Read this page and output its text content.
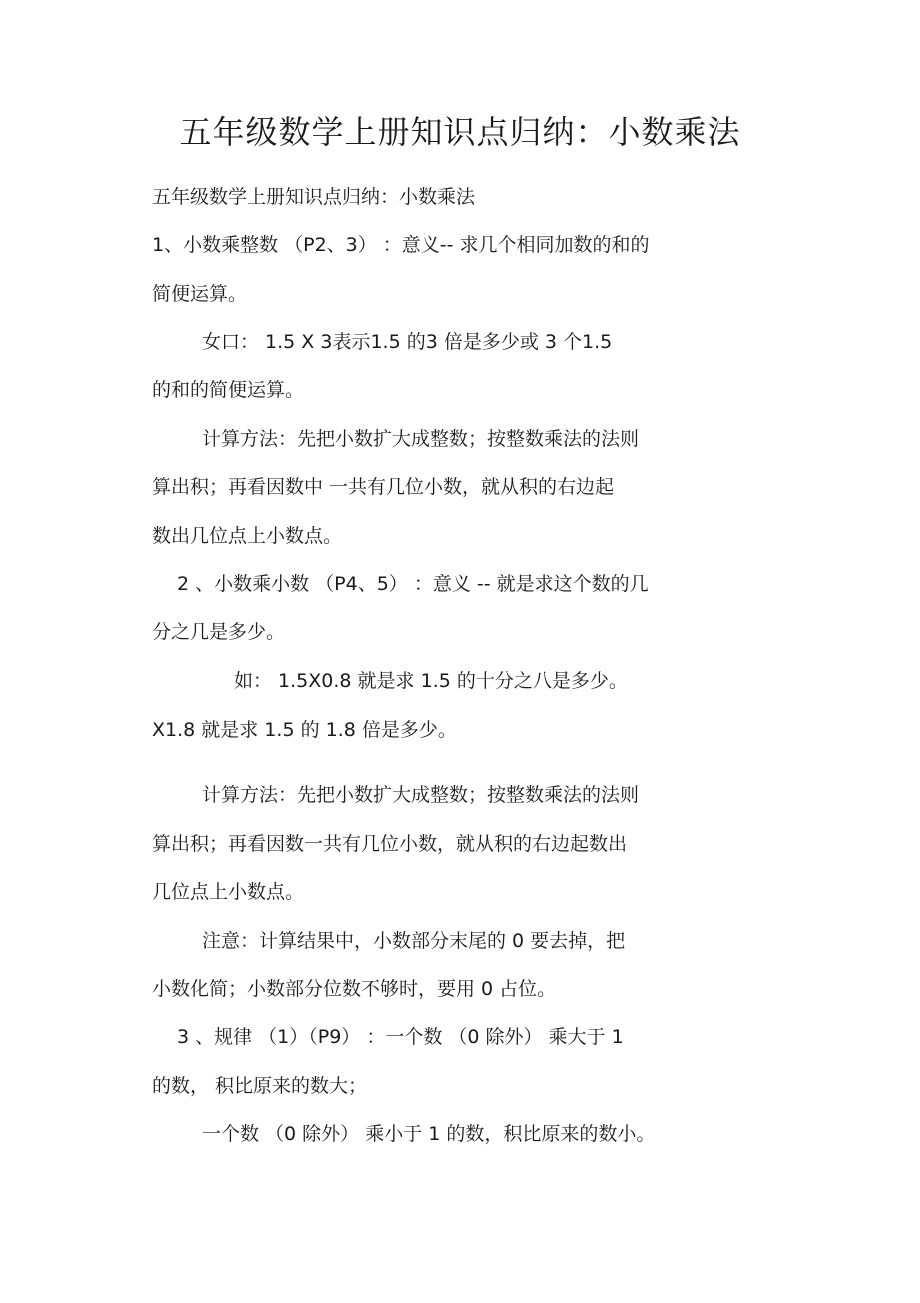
五年级数学上册知识点归纳：小数乘法
五年级数学上册知识点归纳：小数乘法
1、小数乘整数 （P2、3） ：意义-- 求几个相同加数的和的
简便运算。
女口： 1.5 X 3表示1.5 的3 倍是多少或 3 个1.5
的和的简便运算。
计算方法：先把小数扩大成整数；按整数乘法的法则
算出积；再看因数中 一共有几位小数，就从积的右边起
数出几位点上小数点。
2 、小数乘小数 （P4、5） ：意义 -- 就是求这个数的几
分之几是多少。
如： 1.5X0.8 就是求 1.5 的十分之八是多少。
X1.8 就是求 1.5 的 1.8 倍是多少。
计算方法：先把小数扩大成整数；按整数乘法的法则
算出积；再看因数一共有几位小数，就从积的右边起数出
几位点上小数点。
注意：计算结果中，小数部分末尾的 0 要去掉，把
小数化简；小数部分位数不够时，要用 0 占位。
3 、规律 （1）（P9） ：一个数 （0 除外） 乘大于 1
的数， 积比原来的数大；
一个数 （0 除外） 乘小于 1 的数，积比原来的数小。
